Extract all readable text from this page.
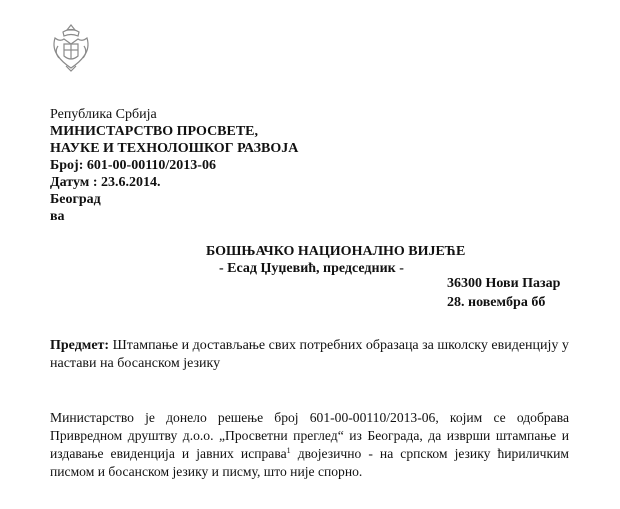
Република Србија
МИНИСТАРСТВО ПРОСВЕТЕ,
НАУКЕ И ТЕХНОЛОШКОГ РАЗВОЈА
Број: 601-00-00110/2013-06
Датум : 23.6.2014.
Београд
ва
БОШЊАЧКО НАЦИОНАЛНО ВИЈЕЋЕ
- Есад Џуџевић, председник -
36300 Нови Пазар
28. новембра бб
Предмет: Штампање и достављање свих потребних образаца за школску евиденцију у настави на босанском језику
Министарство је донело решење број 601-00-00110/2013-06, којим се одобрава Привредном друштву д.о.о. „Просветни преглед“ из Београда, да изврши штампање и издавање евиденција и јавних исправа$^1$ двојезично - на српском језику ћириличким писмом и босанском језику и писму, што није спорно.
